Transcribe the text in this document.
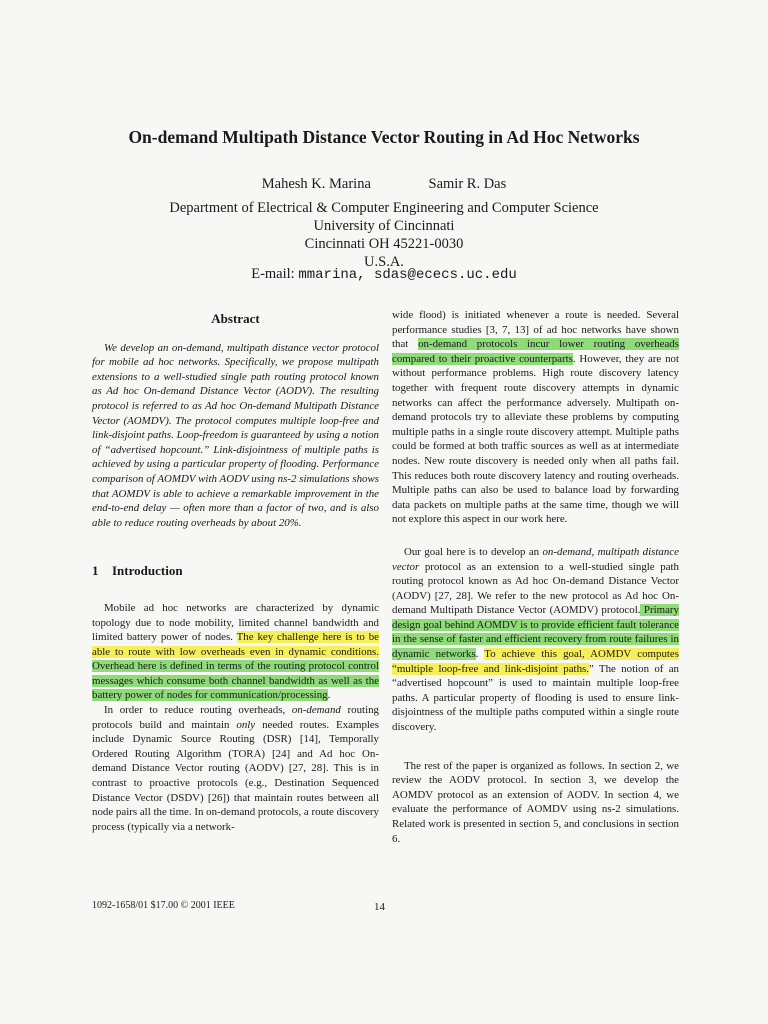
On-demand Multipath Distance Vector Routing in Ad Hoc Networks
Mahesh K. Marina	Samir R. Das
Department of Electrical & Computer Engineering and Computer Science
University of Cincinnati
Cincinnati OH 45221-0030
U.S.A.
E-mail: mmarina, sdas@ececs.uc.edu
Abstract

We develop an on-demand, multipath distance vector protocol for mobile ad hoc networks. Specifically, we propose multipath extensions to a well-studied single path routing protocol known as Ad hoc On-demand Distance Vector (AODV). The resulting protocol is referred to as Ad hoc On-demand Multipath Distance Vector (AOMDV). The protocol computes multiple loop-free and link-disjoint paths. Loop-freedom is guaranteed by using a notion of “advertised hopcount.” Link-disjointness of multiple paths is achieved by using a particular property of flooding. Performance comparison of AOMDV with AODV using ns-2 simulations shows that AOMDV is able to achieve a remarkable improvement in the end-to-end delay — often more than a factor of two, and is also able to reduce routing overheads by about 20%.

1 Introduction

Mobile ad hoc networks are characterized by dynamic topology due to node mobility, limited channel bandwidth and limited battery power of nodes. The key challenge here is to be able to route with low overheads even in dynamic conditions. Overhead here is defined in terms of the routing protocol control messages which consume both channel bandwidth as well as the battery power of nodes for communication/processing.

In order to reduce routing overheads, on-demand routing protocols build and maintain only needed routes. Examples include Dynamic Source Routing (DSR) [14], Temporally Ordered Routing Algorithm (TORA) [24] and Ad hoc On-demand Distance Vector routing (AODV) [27, 28]. This is in contrast to proactive protocols (e.g., Destination Sequenced Distance Vector (DSDV) [26]) that maintain routes between all node pairs all the time. In on-demand protocols, a route discovery process (typically via a network-

wide flood) is initiated whenever a route is needed. Several performance studies [3, 7, 13] of ad hoc networks have shown that on-demand protocols incur lower routing overheads compared to their proactive counterparts. However, they are not without performance problems. High route discovery latency together with frequent route discovery attempts in dynamic networks can affect the performance adversely. Multipath on-demand protocols try to alleviate these problems by computing multiple paths in a single route discovery attempt. Multiple paths could be formed at both traffic sources as well as at intermediate nodes. New route discovery is needed only when all paths fail. This reduces both route discovery latency and routing overheads. Multiple paths can also be used to balance load by forwarding data packets on multiple paths at the same time, though we will not explore this aspect in our work here.

Our goal here is to develop an on-demand, multipath distance vector protocol as an extension to a well-studied single path routing protocol known as Ad hoc On-demand Distance Vector (AODV) [27, 28]. We refer to the new protocol as Ad hoc On-demand Multipath Distance Vector (AOMDV) protocol. Primary design goal behind AOMDV is to provide efficient fault tolerance in the sense of faster and efficient recovery from route failures in dynamic networks. To achieve this goal, AOMDV computes “multiple loop-free and link-disjoint paths.” The notion of an “advertised hopcount” is used to maintain multiple loop-free paths. A particular property of flooding is used to ensure link-disjointness of the multiple paths computed within a single route discovery.

The rest of the paper is organized as follows. In section 2, we review the AODV protocol. In section 3, we develop the AOMDV protocol as an extension of AODV. In section 4, we evaluate the performance of AOMDV using ns-2 simulations. Related work is presented in section 5, and conclusions in section 6.

1092-1658/01 $17.00 © 2001 IEEE	14
